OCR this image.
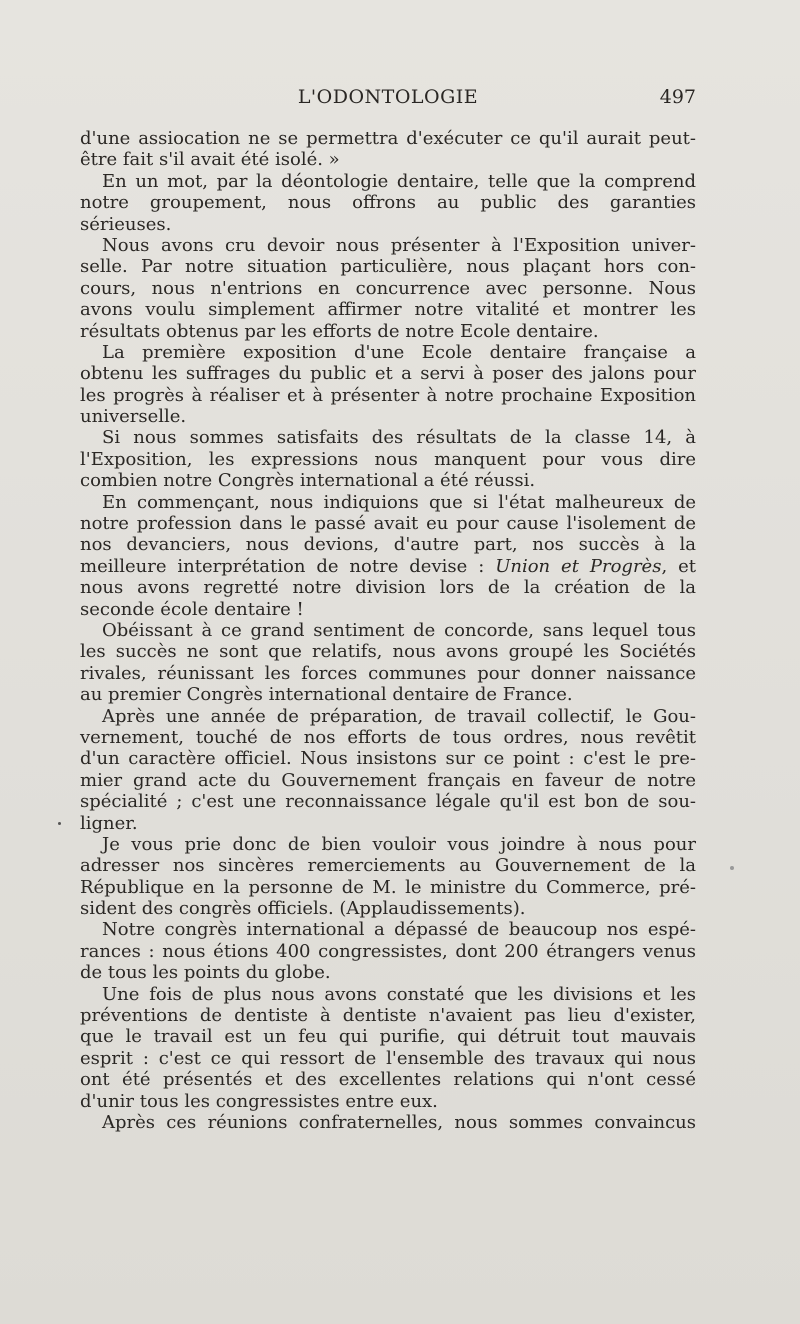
L'ODONTOLOGIE	497
d'une assiocation ne se permettra d'exécuter ce qu'il aurait peut-
être fait s'il avait été isolé. »
En un mot, par la déontologie dentaire, telle que la comprend
notre groupement, nous offrons au public des garanties
sérieuses.
Nous avons cru devoir nous présenter à l'Exposition univer-
selle. Par notre situation particulière, nous plaçant hors con-
cours, nous n'entrions en concurrence avec personne. Nous
avons voulu simplement affirmer notre vitalité et montrer les
résultats obtenus par les efforts de notre Ecole dentaire.
La première exposition d'une Ecole dentaire française a
obtenu les suffrages du public et a servi à poser des jalons pour
les progrès à réaliser et à présenter à notre prochaine Exposition
universelle.
Si nous sommes satisfaits des résultats de la classe 14, à
l'Exposition, les expressions nous manquent pour vous dire
combien notre Congrès international a été réussi.
En commençant, nous indiquions que si l'état malheureux de
notre profession dans le passé avait eu pour cause l'isolement de
nos devanciers, nous devions, d'autre part, nos succès à la
meilleure interprétation de notre devise : Union et Progrès, et
nous avons regretté notre division lors de la création de la
seconde école dentaire !
Obéissant à ce grand sentiment de concorde, sans lequel tous
les succès ne sont que relatifs, nous avons groupé les Sociétés
rivales, réunissant les forces communes pour donner naissance
au premier Congrès international dentaire de France.
Après une année de préparation, de travail collectif, le Gou-
vernement, touché de nos efforts de tous ordres, nous revêtit
d'un caractère officiel. Nous insistons sur ce point : c'est le pre-
mier grand acte du Gouvernement français en faveur de notre
spécialité ; c'est une reconnaissance légale qu'il est bon de sou-
ligner.
Je vous prie donc de bien vouloir vous joindre à nous pour
adresser nos sincères remerciements au Gouvernement de la
République en la personne de M. le ministre du Commerce, pré-
sident des congrès officiels. (Applaudissements).
Notre congrès international a dépassé de beaucoup nos espé-
rances : nous étions 400 congressistes, dont 200 étrangers venus
de tous les points du globe.
Une fois de plus nous avons constaté que les divisions et les
préventions de dentiste à dentiste n'avaient pas lieu d'exister,
que le travail est un feu qui purifie, qui détruit tout mauvais
esprit : c'est ce qui ressort de l'ensemble des travaux qui nous
ont été présentés et des excellentes relations qui n'ont cessé
d'unir tous les congressistes entre eux.
Après ces réunions confraternelles, nous sommes convaincus
